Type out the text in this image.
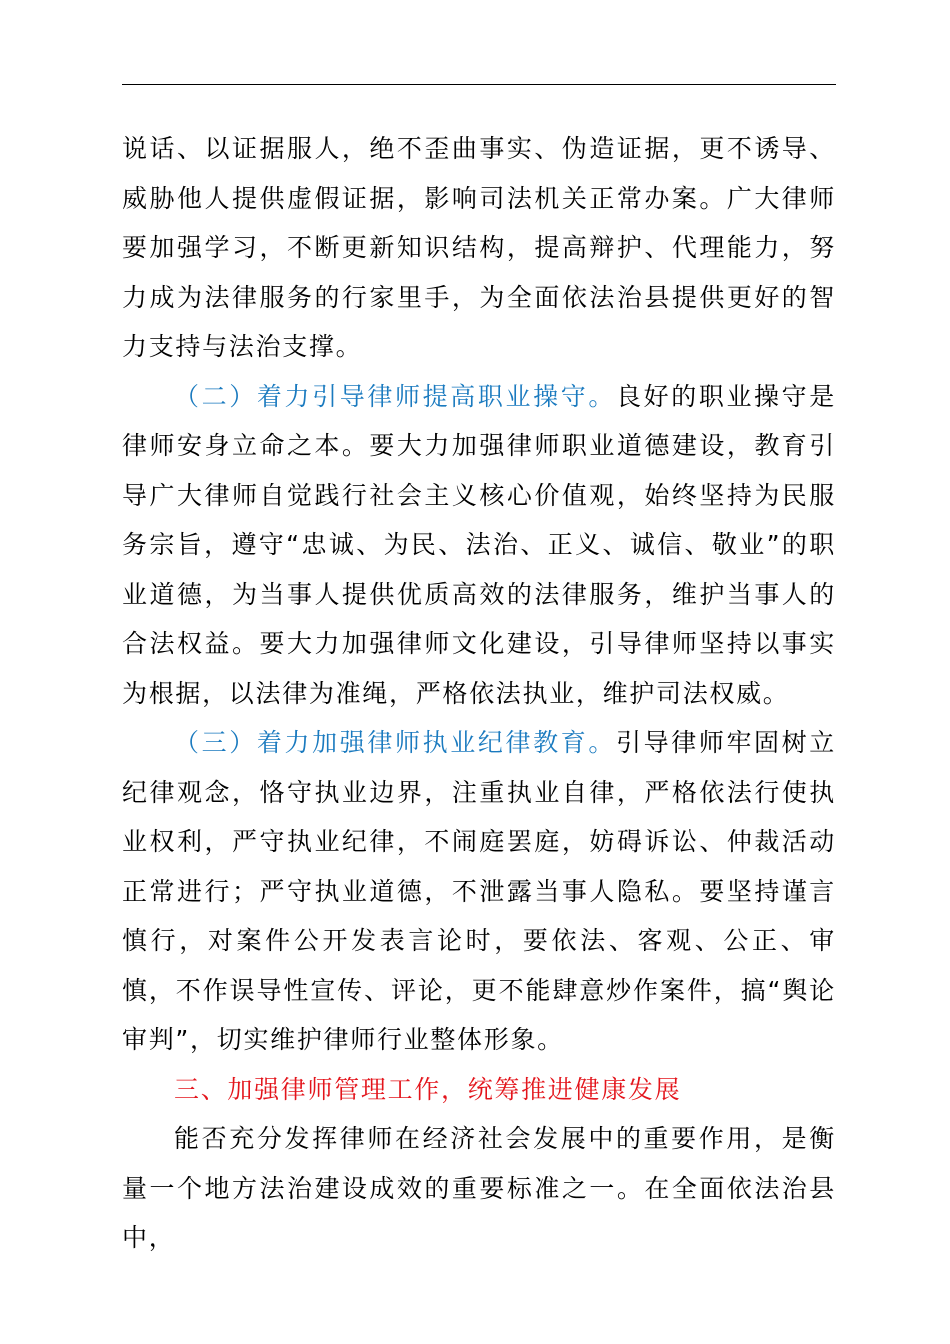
说话、以证据服人，绝不歪曲事实、伪造证据，更不诱导、威胁他人提供虚假证据，影响司法机关正常办案。广大律师要加强学习，不断更新知识结构，提高辩护、代理能力，努力成为法律服务的行家里手，为全面依法治县提供更好的智力支持与法治支撑。

（二）着力引导律师提高职业操守。良好的职业操守是律师安身立命之本。要大力加强律师职业道德建设，教育引导广大律师自觉践行社会主义核心价值观，始终坚持为民服务宗旨，遵守“忠诚、为民、法治、正义、诚信、敬业”的职业道德，为当事人提供优质高效的法律服务，维护当事人的合法权益。要大力加强律师文化建设，引导律师坚持以事实为根据，以法律为准绳，严格依法执业，维护司法权威。

（三）着力加强律师执业纪律教育。引导律师牢固树立纪律观念，恪守执业边界，注重执业自律，严格依法行使执业权利，严守执业纪律，不闹庭罢庭，妨碍诉讼、仲裁活动正常进行；严守执业道德，不泄露当事人隐私。要坚持谨言慎行，对案件公开发表言论时，要依法、客观、公正、审慎，不作误导性宣传、评论，更不能肆意炒作案件，搞“舆论审判”，切实维护律师行业整体形象。

三、加强律师管理工作，统筹推进健康发展

能否充分发挥律师在经济社会发展中的重要作用，是衡量一个地方法治建设成效的重要标准之一。在全面依法治县中，
